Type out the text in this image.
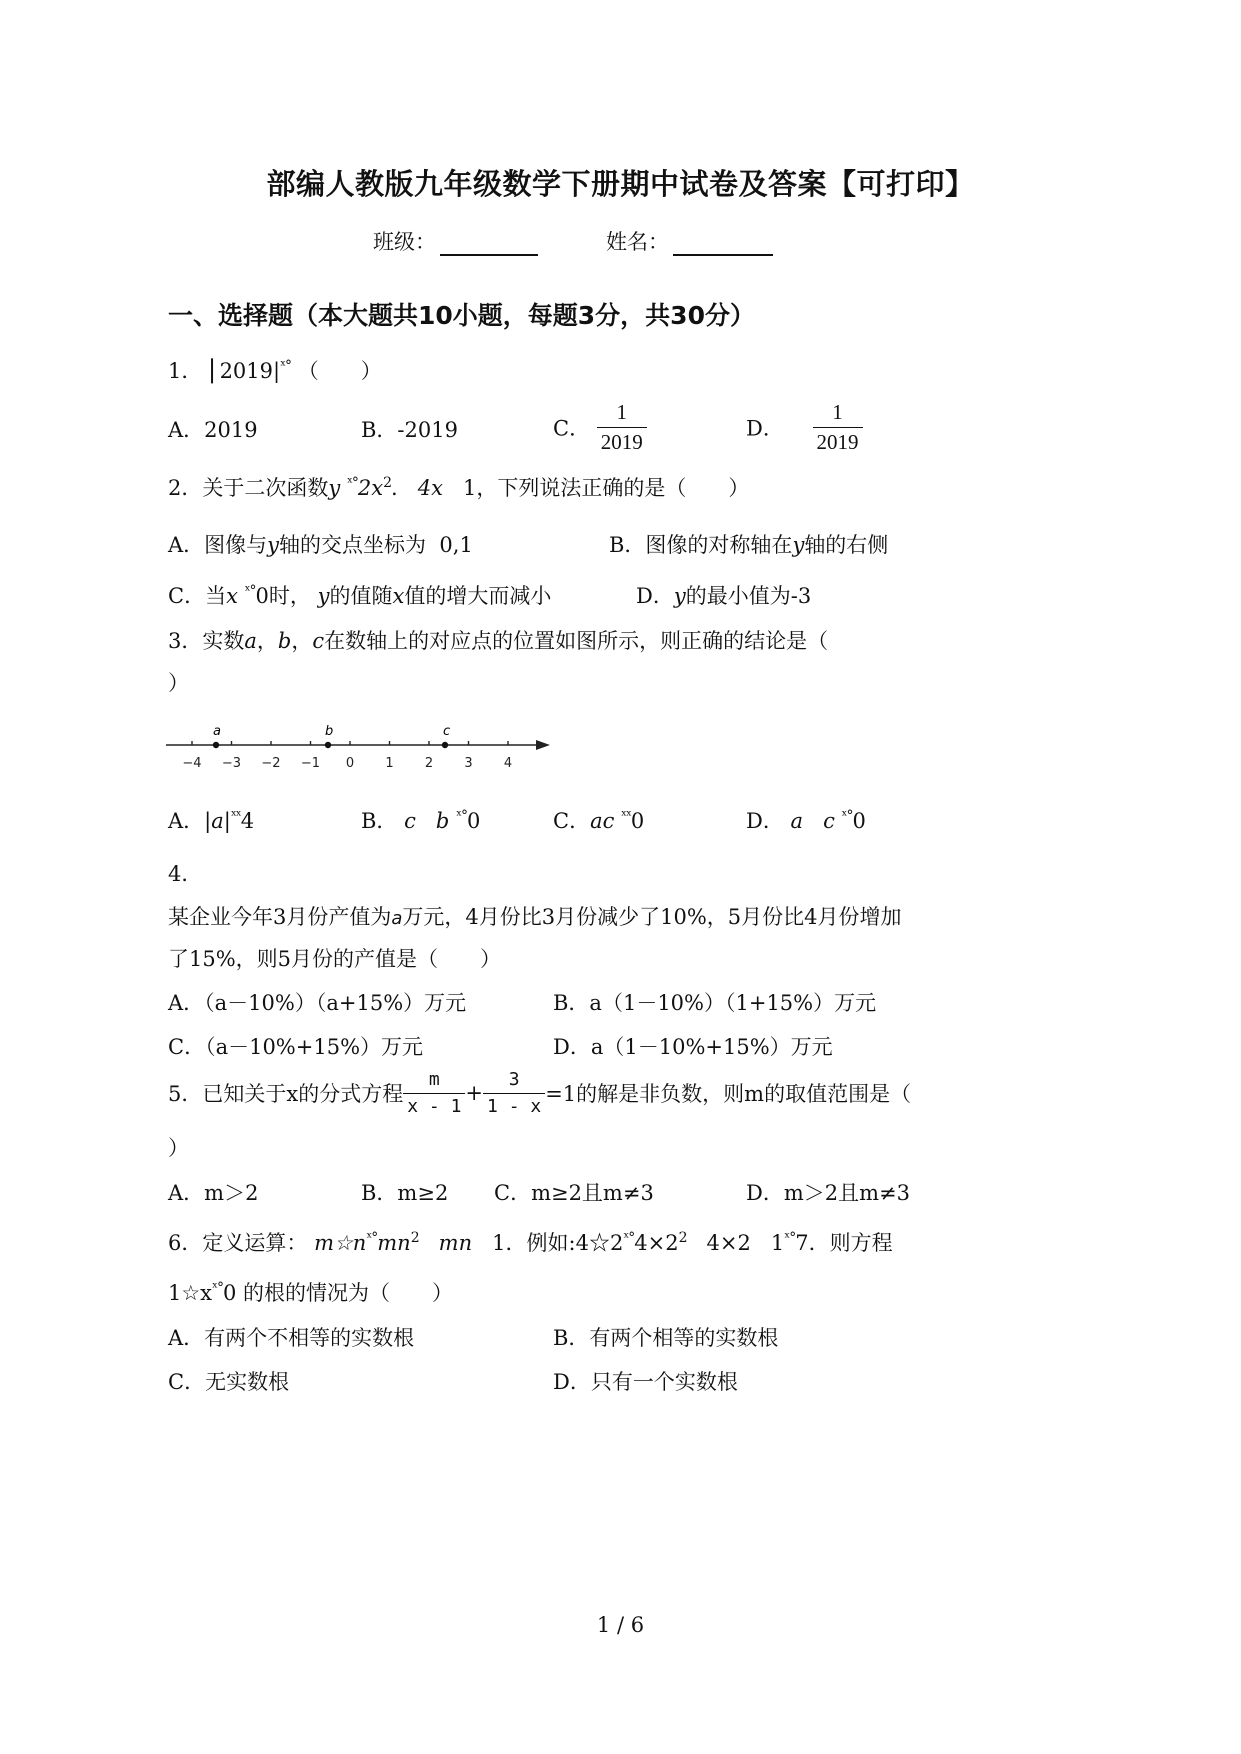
部编人教版九年级数学下册期中试卷及答案【可打印】
班级：	姓名：
一、选择题（本大题共10小题，每题3分，共30分）
1． $⎢2019|^{ˣ^\circ}$ （　　）
A．2019	B．-2019	C． $\frac{1}{2019}$	D． $\frac{1}{2019}$
2．关于二次函数y $^{ˣ^\circ}2x^2$. 4x 1，下列说法正确的是（　　）
A．图像与y轴的交点坐标为 0,1	B．图像的对称轴在y轴的右侧
C．当x $^{ˣ^\circ}$0时， y的值随x值的增大而减小	D．y的最小值为-3
3．实数a，b，c在数轴上的对应点的位置如图所示，则正确的结论是（
）
−4 −3 −2 −1 0 1 2 3 4
a	b	c
A．$|a|^{ˣˣ}4$	B． c b $^{ˣ^\circ}$0	C．ac $^{ˣˣ}$0	D． a c $^{ˣ^\circ}$0
4．
某企业今年3月份产值为a万元，4月份比3月份减少了10%，5月份比4月份增加
了15%，则5月份的产值是（　　）
A．（a－10%）（a+15%）万元	B．a（1－10%）（1+15%）万元
C．（a－10%+15%）万元	D．a（1－10%+15%）万元
5．已知关于x的分式方程 $\frac{m}{x - 1} + \frac{3}{1 - x} =1$的解是非负数，则m的取值范围是（
）
A．m＞2	B．m≥2 C．m≥2且m≠3	D．m＞2且m≠3
6．定义运算： $m☆n^{ˣ^\circ}mn^2$ mn 1．例如$:4☆2^{ˣ^\circ}4\times 2^2$ 4×2 $1^{ˣ^\circ}7$．则方程
$1☆x^{ˣ^\circ}0$ 的根的情况为（　　）
A．有两个不相等的实数根	B．有两个相等的实数根
C．无实数根	D．只有一个实数根
1 / 6
